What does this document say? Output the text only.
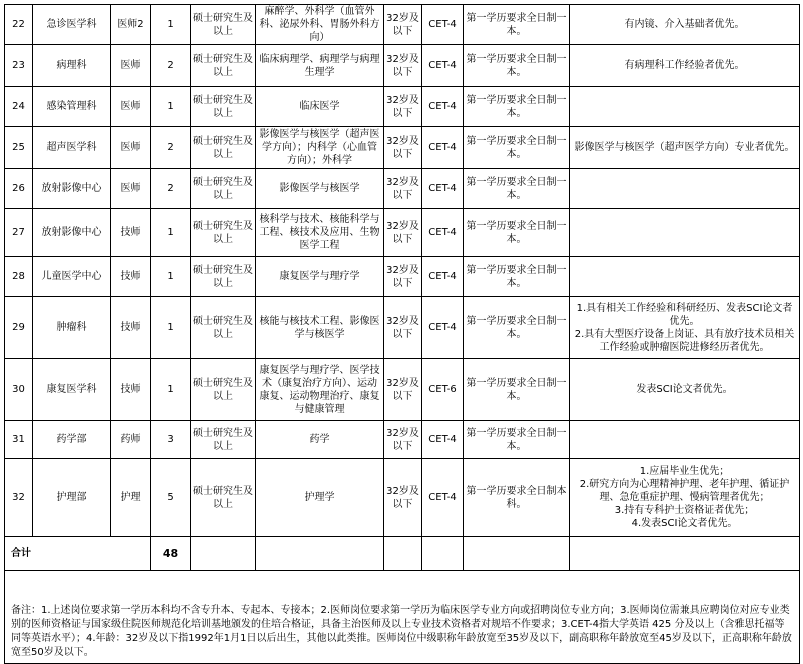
22	急诊医学科	医师2	1	硕士研究生及以上	麻醉学、外科学（血管外科、泌尿外科、胃肠外科方向）	32岁及以下	CET-4	第一学历要求全日制一本。	有内镜、介入基础者优先。

23	病理科	医师	2	硕士研究生及以上	临床病理学、病理学与病理生理学	32岁及以下	CET-4	第一学历要求全日制一本。	有病理科工作经验者优先。

24	感染管理科	医师	1	硕士研究生及以上	临床医学	32岁及以下	CET-4	第一学历要求全日制一本。	
25	超声医学科	医师	2	硕士研究生及以上	影像医学与核医学（超声医学方向）；内科学（心血管方向）；外科学	32岁及以下	CET-4	第一学历要求全日制一本。	影像医学与核医学（超声医学方向）专业者优先。

26	放射影像中心	医师	2	硕士研究生及以上	影像医学与核医学	32岁及以下	CET-4	第一学历要求全日制一本。	
27	放射影像中心	技师	1	硕士研究生及以上	核科学与技术、核能科学与工程、核技术及应用、生物医学工程	32岁及以下	CET-4	第一学历要求全日制一本。	
28	儿童医学中心	技师	1	硕士研究生及以上	康复医学与理疗学	32岁及以下	CET-4	第一学历要求全日制一本。	
29	肿瘤科	技师	1	硕士研究生及以上	核能与核技术工程、影像医学与核医学	32岁及以下	CET-4	第一学历要求全日制一本。	1.具有相关工作经验和科研经历、发表SCI论文者优先。
2.具有大型医疗设备上岗证、具有放疗技术员相关工作经验或肿瘤医院进修经历者优先。

30	康复医学科	技师	1	硕士研究生及以上	康复医学与理疗学、医学技术（康复治疗方向）、运动康复、运动物理治疗、康复与健康管理	32岁及以下	CET-6	第一学历要求全日制一本。	发表SCI论文者优先。

31	药学部	药师	3	硕士研究生及以上	药学	32岁及以下	CET-4	第一学历要求全日制一本。	
32	护理部	护理	5	硕士研究生及以上	护理学	32岁及以下	CET-4	第一学历要求全日制本科。	1.应届毕业生优先；
2.研究方向为心理精神护理、老年护理、循证护理、急危重症护理、慢病管理者优先；
3.持有专科护士资格证者优先；
4.发表SCI论文者优先。

合计			48						

备注：1.上述岗位要求第一学历本科均不含专升本、专起本、专接本；2.医师岗位要求第一学历为临床医学专业方向或招聘岗位专业方向；3.医师岗位需兼具应聘岗位对应专业类别的医师资格证与国家级住院医师规范化培训基地颁发的住培合格证，具备主治医师及以上专业技术资格者对规培不作要求；3.CET-4指大学英语 425 分及以上（含雅思托福等同等英语水平）；4.年龄：32岁及以下指1992年1月1日以后出生，其他以此类推。医师岗位中级职称年龄放宽至35岁及以下，副高职称年龄放宽至45岁及以下，正高职称年龄放宽至50岁及以下。									
